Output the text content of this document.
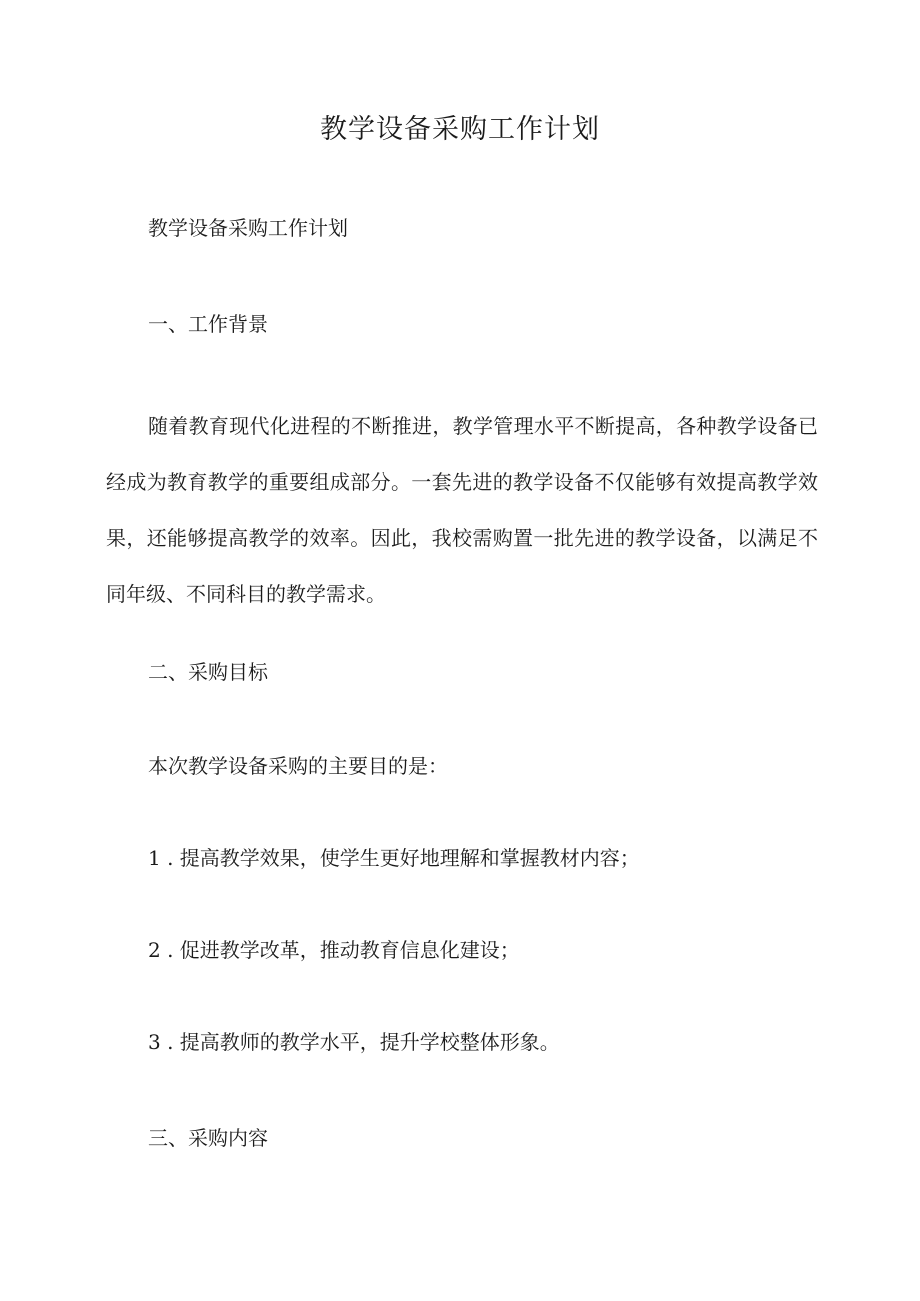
教学设备采购工作计划

教学设备采购工作计划

一、工作背景

随着教育现代化进程的不断推进，教学管理水平不断提高，各种教学设备已
经成为教育教学的重要组成部分。一套先进的教学设备不仅能够有效提高教学效
果，还能够提高教学的效率。因此，我校需购置一批先进的教学设备，以满足不
同年级、不同科目的教学需求。

二、采购目标

本次教学设备采购的主要目的是：

1 . 提高教学效果，使学生更好地理解和掌握教材内容；

2 . 促进教学改革，推动教育信息化建设；

3 . 提高教师的教学水平，提升学校整体形象。

三、采购内容
